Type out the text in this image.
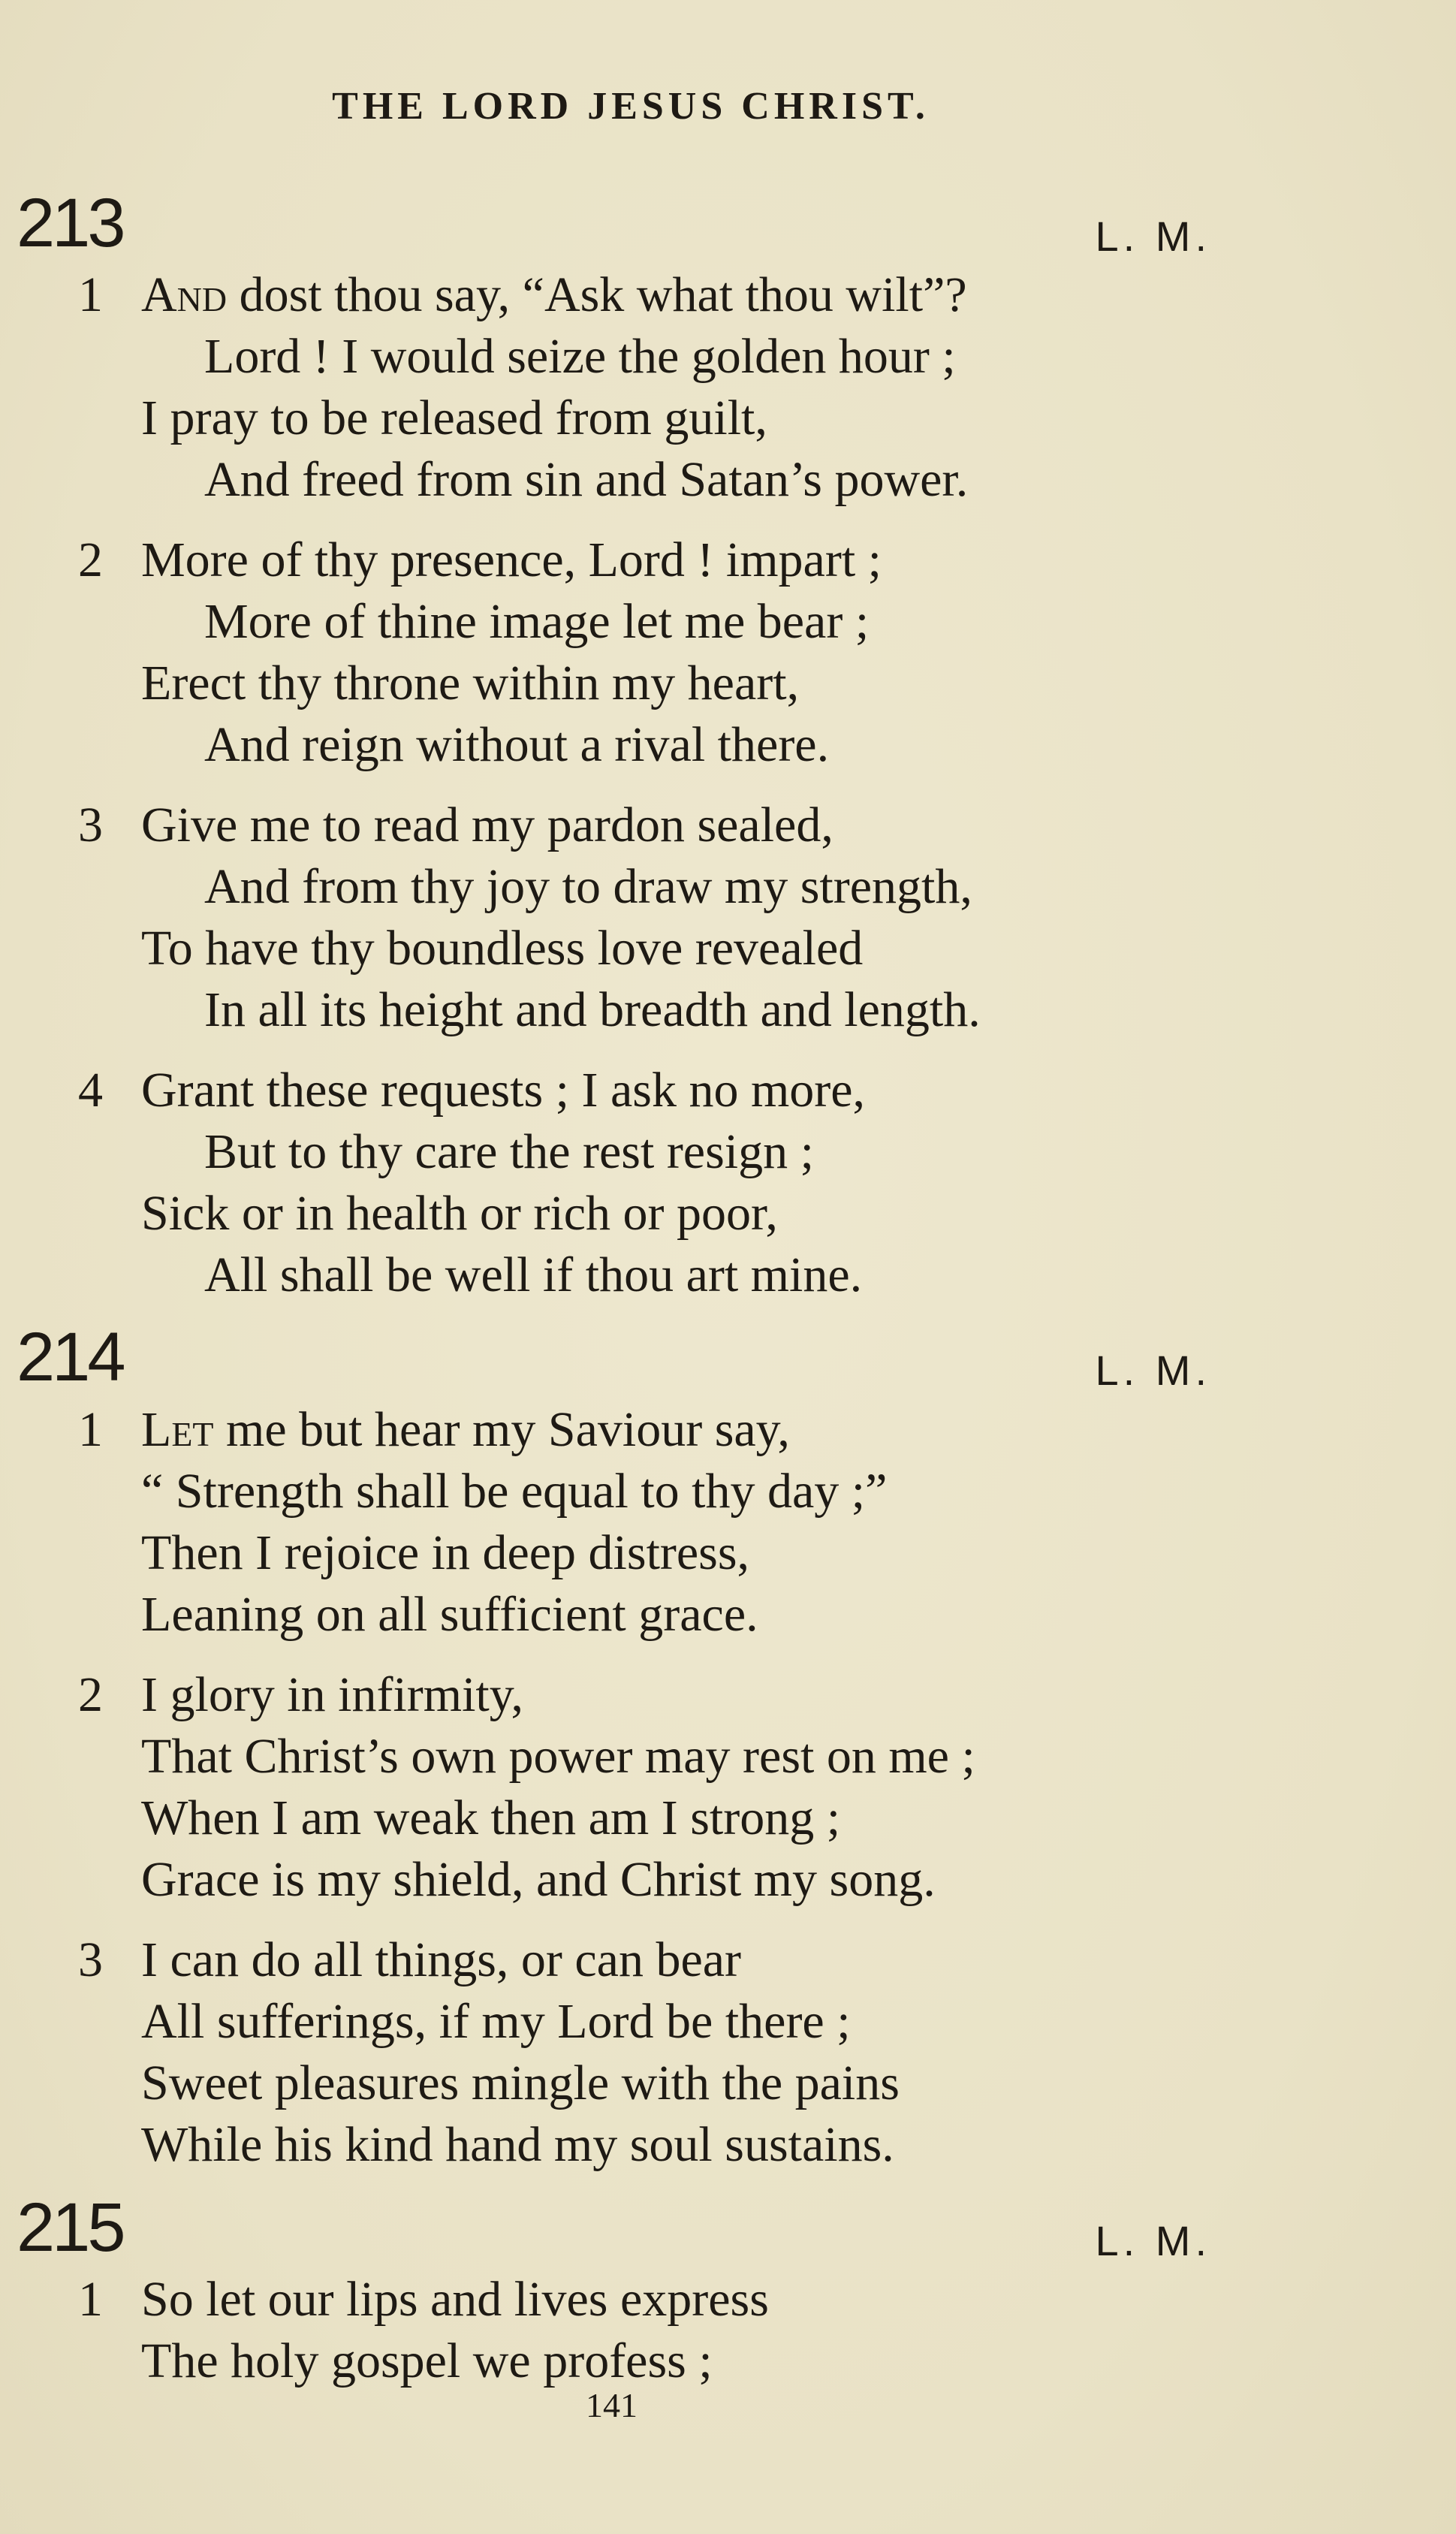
THE LORD JESUS CHRIST.
213	L. M.
1 And dost thou say, “Ask what thou wilt”?
Lord ! I would seize the golden hour ;
I pray to be released from guilt,
And freed from sin and Satan’s power.
2 More of thy presence, Lord ! impart ;
More of thine image let me bear ;
Erect thy throne within my heart,
And reign without a rival there.
3 Give me to read my pardon sealed,
And from thy joy to draw my strength,
To have thy boundless love revealed
In all its height and breadth and length.
4 Grant these requests ; I ask no more,
But to thy care the rest resign ;
Sick or in health or rich or poor,
All shall be well if thou art mine.
214	L. M.
1 Let me but hear my Saviour say,
“ Strength shall be equal to thy day ;”
Then I rejoice in deep distress,
Leaning on all sufficient grace.
2 I glory in infirmity,
That Christ’s own power may rest on me ;
When I am weak then am I strong ;
Grace is my shield, and Christ my song.
3 I can do all things, or can bear
All sufferings, if my Lord be there ;
Sweet pleasures mingle with the pains
While his kind hand my soul sustains.
215	L. M.
1 So let our lips and lives express
The holy gospel we profess ;
141
